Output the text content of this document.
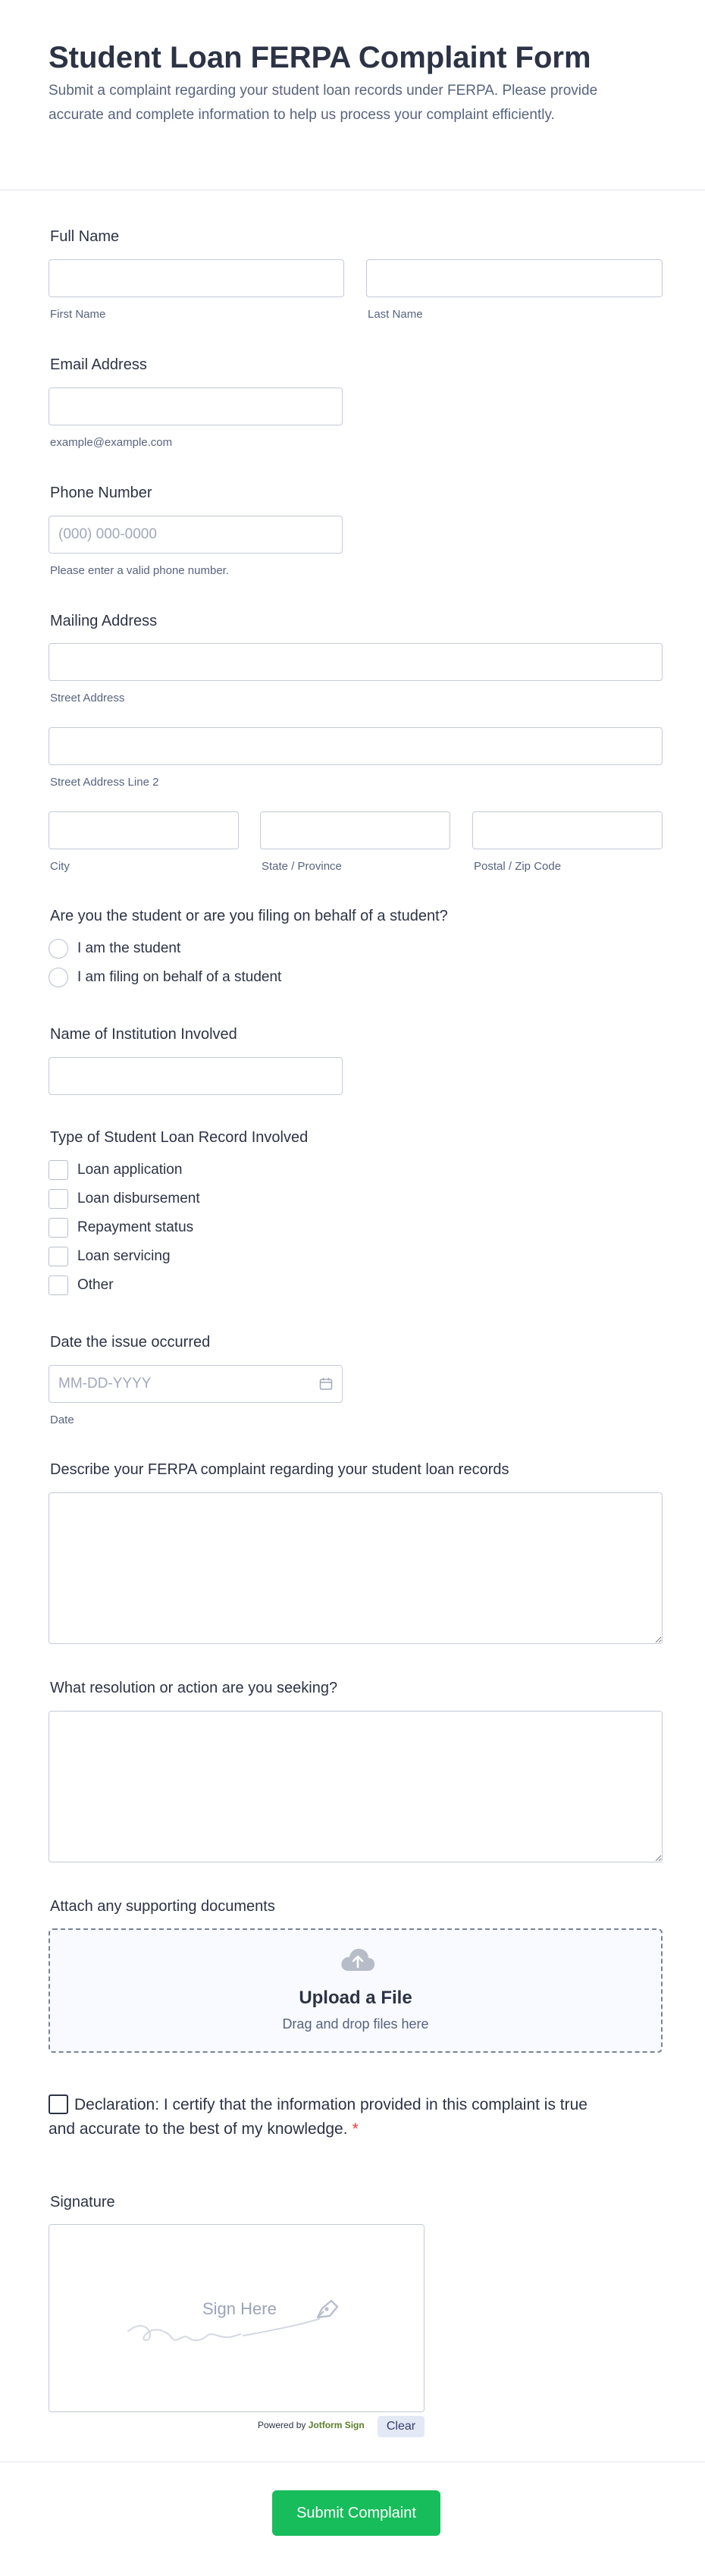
Student Loan FERPA Complaint Form
Submit a complaint regarding your student loan records under FERPA. Please provide accurate and complete information to help us process your complaint efficiently.
Full Name
First Name	Last Name
Email Address
example@example.com
Phone Number
(000) 000-0000
Please enter a valid phone number.
Mailing Address
Street Address
Street Address Line 2
City	State / Province	Postal / Zip Code
Are you the student or are you filing on behalf of a student?
I am the student
I am filing on behalf of a student
Name of Institution Involved
Type of Student Loan Record Involved
Loan application
Loan disbursement
Repayment status
Loan servicing
Other
Date the issue occurred
MM-DD-YYYY
Date
Describe your FERPA complaint regarding your student loan records
What resolution or action are you seeking?
Attach any supporting documents
Upload a File
Drag and drop files here
Declaration: I certify that the information provided in this complaint is true and accurate to the best of my knowledge. *
Signature
Sign Here
Powered by Jotform Sign	Clear
Submit Complaint
